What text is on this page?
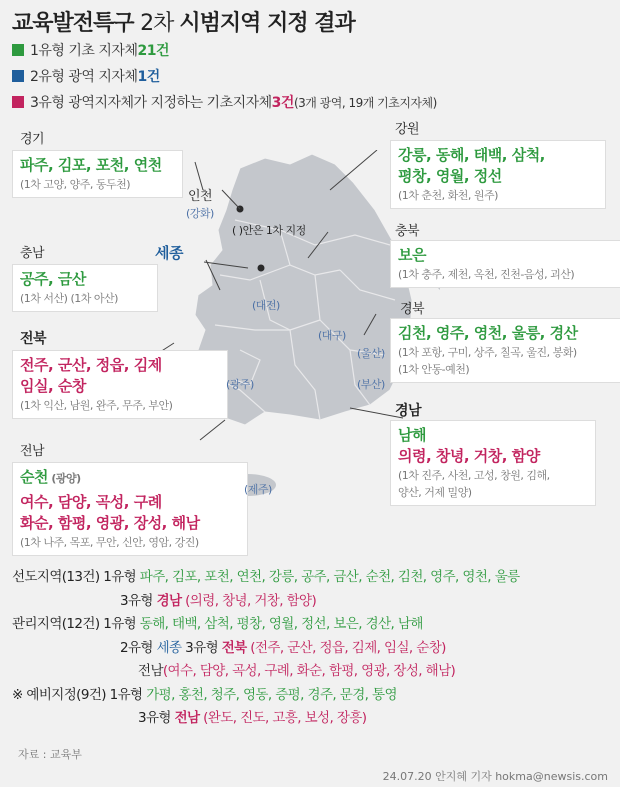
교육발전특구 2차 시범지역 지정 결과
1유형 기초 지자체 21건
2유형 광역 지자체 1건
3유형 광역지자체가 지정하는 기초지자체 3건 (3개 광역, 19개 기초지자체)
경기
파주, 김포, 포천, 연천
(1차 고양, 양주, 동두천)
강원
강릉, 동해, 태백, 삼척,
평창, 영월, 정선
(1차 춘천, 화천, 원주)
인천
(강화)
( )안은 1차 지정
세종
충북
보은
(1차 충주, 제천, 옥천, 진천-음성, 괴산)
충남
공주, 금산
(1차 서산) (1차 아산)
경북
김천, 영주, 영천, 울릉, 경산
(1차 포항, 구미, 상주, 칠곡, 울진, 봉화)
(1차 안동-예천)
전북
전주, 군산, 정읍, 김제
임실, 순창
(1차 익산, 남원, 완주, 무주, 부안)	경남
남해
의령, 창녕, 거창, 함양
(1차 진주, 사천, 고성, 창원, 김해,
양산, 거제 밀양)
전남
순천 (광양)
여수, 담양, 곡성, 구례
화순, 함평, 영광, 장성, 해남
(1차 나주, 목포, 무안, 신안, 영암, 강진)
(대전)
(대구)
(울산)
(부산)
(광주)
(제주)
선도지역(13건) 1유형 파주, 김포, 포천, 연천, 강릉, 공주, 금산, 순천, 김천, 영주, 영천, 울릉
3유형 경남 (의령, 창녕, 거창, 함양)
관리지역(12건) 1유형 동해, 태백, 삼척, 평창, 영월, 정선, 보은, 경산, 남해
2유형 세종 3유형 전북 (전주, 군산, 정읍, 김제, 임실, 순창)
전남(여수, 담양, 곡성, 구례, 화순, 함평, 영광, 장성, 해남)
※ 예비지정(9건) 1유형 가평, 홍천, 청주, 영동, 증평, 경주, 문경, 통영
3유형 전남 (완도, 진도, 고흥, 보성, 장흥)
자료 : 교육부
24.07.20 안지혜 기자 hokma@newsis.com
